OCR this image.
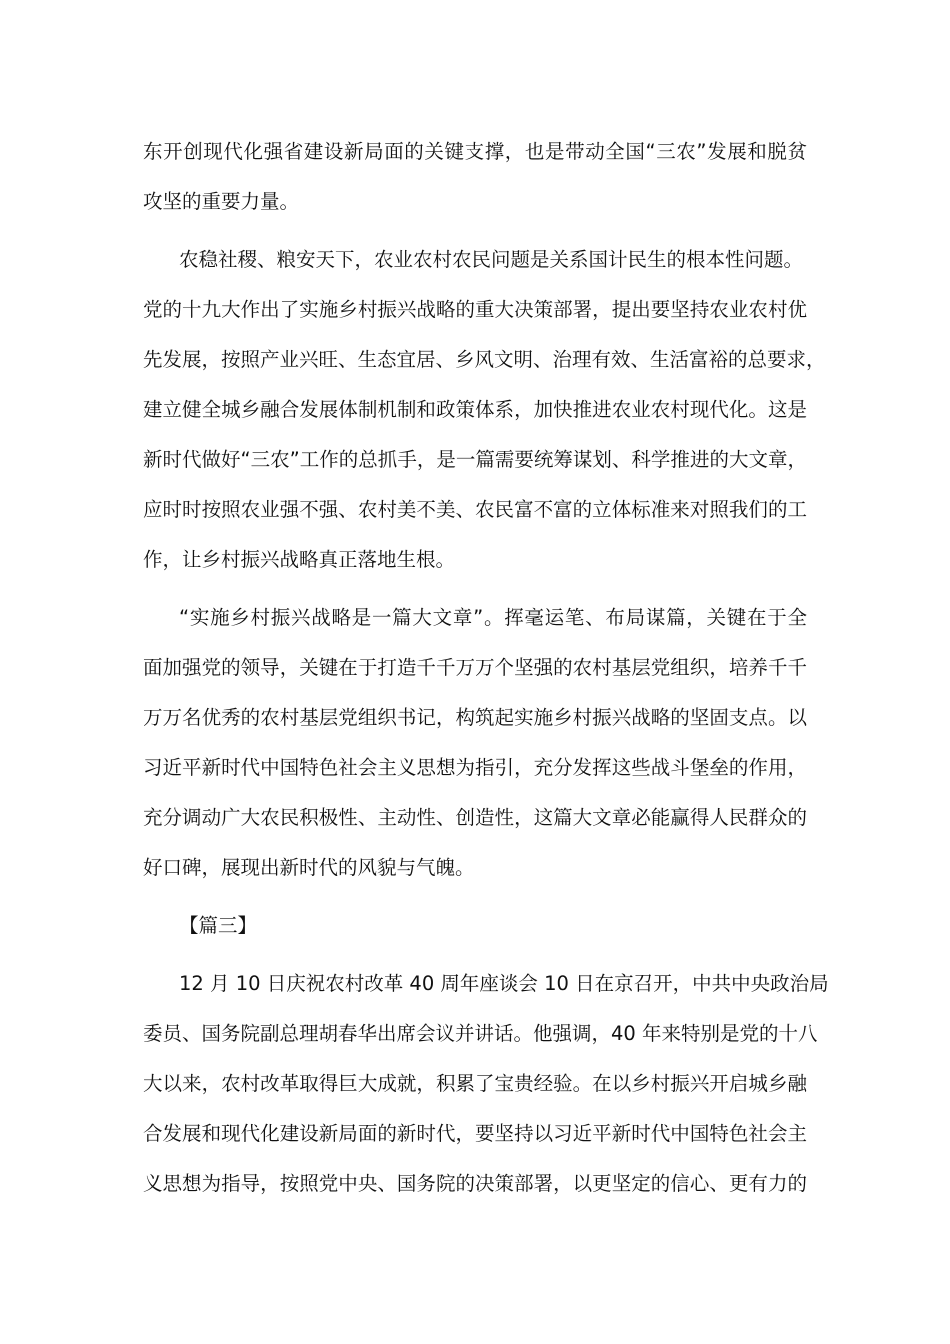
东开创现代化强省建设新局面的关键支撑，也是带动全国“三农”发展和脱贫
攻坚的重要力量。
农稳社稷、粮安天下，农业农村农民问题是关系国计民生的根本性问题。
党的十九大作出了实施乡村振兴战略的重大决策部署，提出要坚持农业农村优
先发展，按照产业兴旺、生态宜居、乡风文明、治理有效、生活富裕的总要求，
建立健全城乡融合发展体制机制和政策体系，加快推进农业农村现代化。这是
新时代做好“三农”工作的总抓手，是一篇需要统筹谋划、科学推进的大文章，
应时时按照农业强不强、农村美不美、农民富不富的立体标准来对照我们的工
作，让乡村振兴战略真正落地生根。
“实施乡村振兴战略是一篇大文章”。挥毫运笔、布局谋篇，关键在于全
面加强党的领导，关键在于打造千千万万个坚强的农村基层党组织，培养千千
万万名优秀的农村基层党组织书记，构筑起实施乡村振兴战略的坚固支点。以
习近平新时代中国特色社会主义思想为指引，充分发挥这些战斗堡垒的作用，
充分调动广大农民积极性、主动性、创造性，这篇大文章必能赢得人民群众的
好口碑，展现出新时代的风貌与气魄。
【篇三】
12 月 10 日庆祝农村改革 40 周年座谈会 10 日在京召开，中共中央政治局
委员、国务院副总理胡春华出席会议并讲话。他强调，40 年来特别是党的十八
大以来，农村改革取得巨大成就，积累了宝贵经验。在以乡村振兴开启城乡融
合发展和现代化建设新局面的新时代，要坚持以习近平新时代中国特色社会主
义思想为指导，按照党中央、国务院的决策部署，以更坚定的信心、更有力的
